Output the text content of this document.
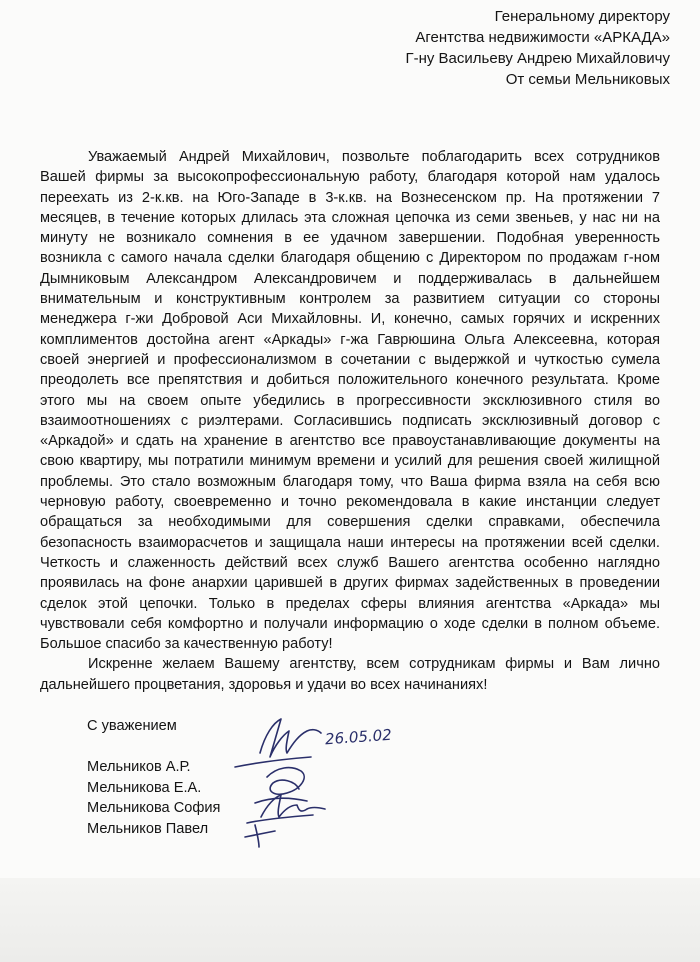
Генеральному директору
Агентства недвижимости «АРКАДА»
Г-ну Васильеву Андрею Михайловичу
От семьи Мельниковых

Уважаемый Андрей Михайлович, позвольте поблагодарить всех сотрудников Вашей фирмы за высокопрофессиональную работу, благодаря которой нам удалось переехать из 2-к.кв. на Юго-Западе в 3-к.кв. на Вознесенском пр. На протяжении 7 месяцев, в течение которых длилась эта сложная цепочка из семи звеньев, у нас ни на минуту не возникало сомнения в ее удачном завершении. Подобная уверенность возникла с самого начала сделки благодаря общению с Директором по продажам г-ном Дымниковым Александром Александровичем и поддерживалась в дальнейшем внимательным и конструктивным контролем за развитием ситуации со стороны менеджера г-жи Добровой Аси Михайловны. И, конечно, самых горячих и искренних комплиментов достойна агент «Аркады» г-жа Гаврюшина Ольга Алексеевна, которая своей энергией и профессионализмом в сочетании с выдержкой и чуткостью сумела преодолеть все препятствия и добиться положительного конечного результата. Кроме этого мы на своем опыте убедились в прогрессивности эксклюзивного стиля во взаимоотношениях с риэлтерами. Согласившись подписать эксклюзивный договор с «Аркадой» и сдать на хранение в агентство все правоустанавливающие документы на свою квартиру, мы потратили минимум времени и усилий для решения своей жилищной проблемы. Это стало возможным благодаря тому, что Ваша фирма взяла на себя всю черновую работу, своевременно и точно рекомендовала в какие инстанции следует обращаться за необходимыми для совершения сделки справками, обеспечила безопасность взаиморасчетов и защищала наши интересы на протяжении всей сделки. Четкость и слаженность действий всех служб Вашего агентства особенно наглядно проявилась на фоне анархии царившей в других фирмах задейственных в проведении сделок этой цепочки. Только в пределах сферы влияния агентства «Аркада» мы чувствовали себя комфортно и получали информацию о ходе сделки в полном объеме. Большое спасибо за качественную работу!

Искренне желаем Вашему агентству, всем сотрудникам фирмы и Вам лично дальнейшего процветания, здоровья и удачи во всех начинаниях!

С уважением
Мельников А.Р.
Мельникова Е.А.
Мельникова София
Мельников Павел
26.05.02
